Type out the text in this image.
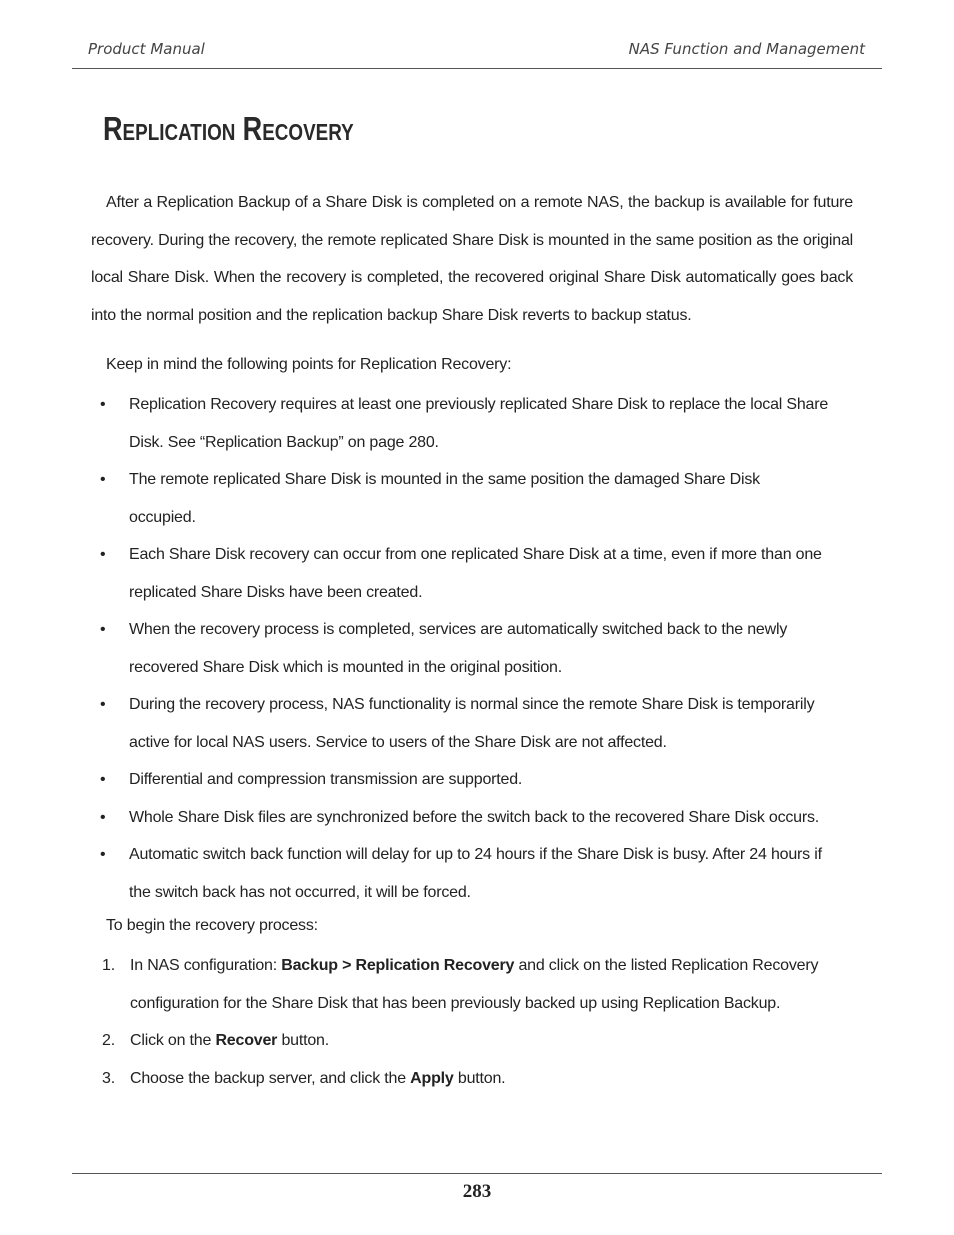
Product Manual	NAS Function and Management
REPLICATION RECOVERY

After a Replication Backup of a Share Disk is completed on a remote NAS, the backup is available for future recovery. During the recovery, the remote replicated Share Disk is mounted in the same position as the original local Share Disk. When the recovery is completed, the recovered original Share Disk automatically goes back into the normal position and the replication backup Share Disk reverts to backup status.

Keep in mind the following points for Replication Recovery:

• Replication Recovery requires at least one previously replicated Share Disk to replace the local Share Disk. See “Replication Backup” on page 280.
• The remote replicated Share Disk is mounted in the same position the damaged Share Disk occupied.
• Each Share Disk recovery can occur from one replicated Share Disk at a time, even if more than one replicated Share Disks have been created.
• When the recovery process is completed, services are automatically switched back to the newly recovered Share Disk which is mounted in the original position.
• During the recovery process, NAS functionality is normal since the remote Share Disk is temporarily active for local NAS users. Service to users of the Share Disk are not affected.
• Differential and compression transmission are supported.
• Whole Share Disk files are synchronized before the switch back to the recovered Share Disk occurs.
• Automatic switch back function will delay for up to 24 hours if the Share Disk is busy. After 24 hours if the switch back has not occurred, it will be forced.

To begin the recovery process:

1. In NAS configuration: Backup > Replication Recovery and click on the listed Replication Recovery configuration for the Share Disk that has been previously backed up using Replication Backup.
2. Click on the Recover button.
3. Choose the backup server, and click the Apply button.
283
